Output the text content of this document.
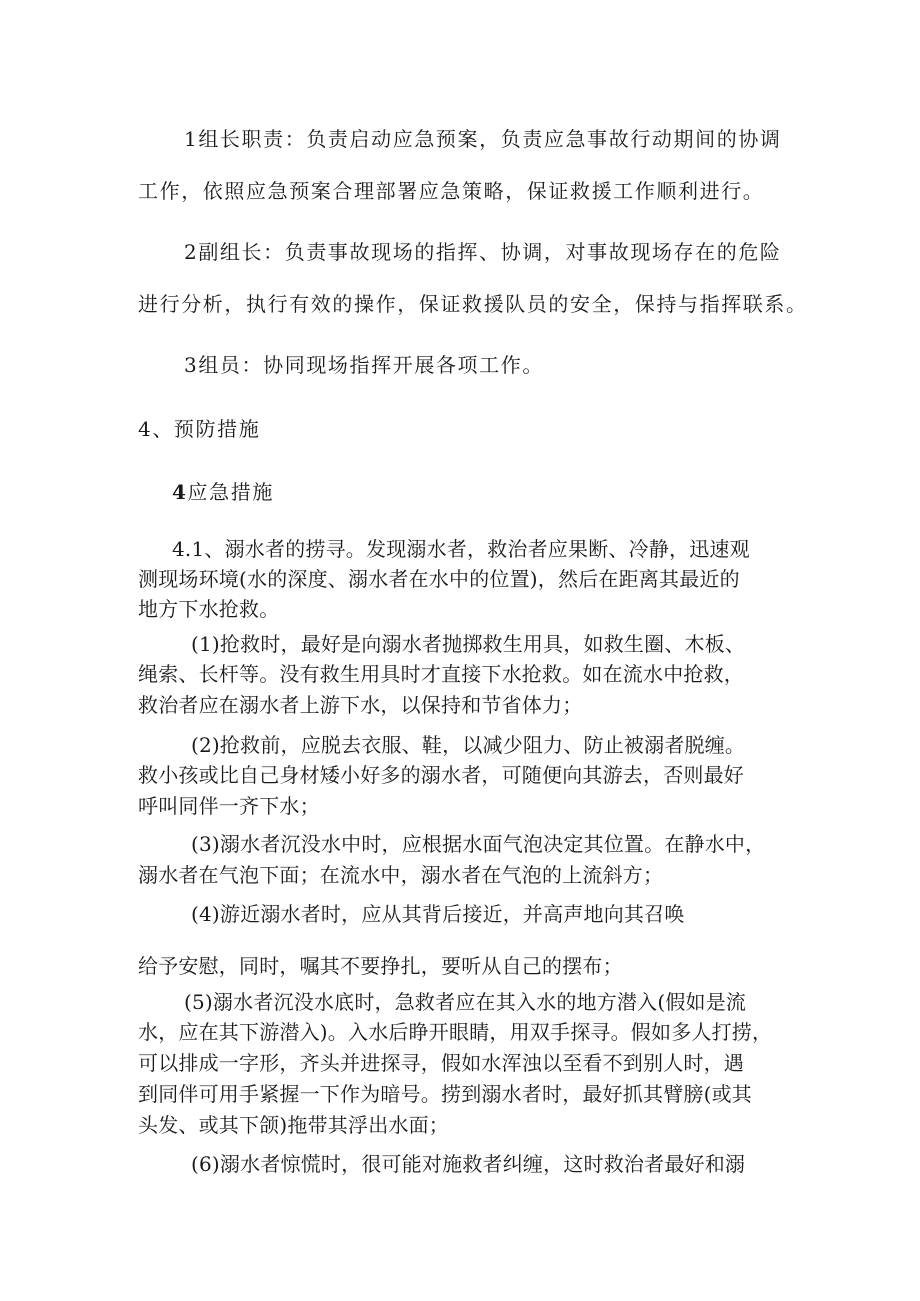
1组长职责：负责启动应急预案，负责应急事故行动期间的协调
工作，依照应急预案合理部署应急策略，保证救援工作顺利进行。
2副组长：负责事故现场的指挥、协调，对事故现场存在的危险
进行分析，执行有效的操作，保证救援队员的安全，保持与指挥联系。
3组员：协同现场指挥开展各项工作。
4、预防措施
4应急措施
4.1、溺水者的捞寻。发现溺水者，救治者应果断、冷静，迅速观
测现场环境(水的深度、溺水者在水中的位置)，然后在距离其最近的
地方下水抢救。
(1)抢救时，最好是向溺水者抛掷救生用具，如救生圈、木板、
绳索、长杆等。没有救生用具时才直接下水抢救。如在流水中抢救，
救治者应在溺水者上游下水，以保持和节省体力；
(2)抢救前，应脱去衣服、鞋，以减少阻力、防止被溺者脱缠。
救小孩或比自己身材矮小好多的溺水者，可随便向其游去，否则最好
呼叫同伴一齐下水；
(3)溺水者沉没水中时，应根据水面气泡决定其位置。在静水中，
溺水者在气泡下面；在流水中，溺水者在气泡的上流斜方；
(4)游近溺水者时，应从其背后接近，并高声地向其召唤
给予安慰，同时，嘱其不要挣扎，要听从自己的摆布；
(5)溺水者沉没水底时，急救者应在其入水的地方潜入(假如是流
水，应在其下游潜入)。入水后睁开眼睛，用双手探寻。假如多人打捞，
可以排成一字形，齐头并进探寻，假如水浑浊以至看不到别人时，遇
到同伴可用手紧握一下作为暗号。捞到溺水者时，最好抓其臂膀(或其
头发、或其下颌)拖带其浮出水面；
(6)溺水者惊慌时，很可能对施救者纠缠，这时救治者最好和溺
